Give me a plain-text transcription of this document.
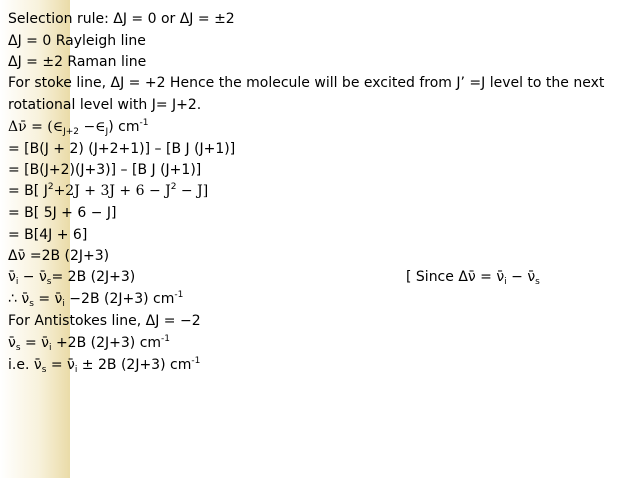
Selection rule: ΔJ = 0 or ΔJ = ±2
ΔJ = 0 Rayleigh line
ΔJ = ±2 Raman line
For stoke line, ΔJ = +2 Hence the molecule will be excited from J’ =J level to the next
rotational level with J= J+2.
Δν̄ = ($\in_{J+2}$ $-\in_J$) $cm^{-1}$
= [B(J + 2) (J+2+1)] – [B J (J+1)]
= [B(J+2)(J+3)] – [B J (J+1)]
= B[ $J^2+2J + 3J + 6 - J^2 - J$]
= B[ 5J + 6 − J]
= B[4J + 6]
Δν̄ =2B (2J+3)
$\nū_i$ − $\nū_s= 2B$ (2J+3)	[ Since Δν̄ = $\nū_i$ − $\nū_s$
∴ $\nū_s$ = $\nū_i -2B$ (2J+3) $cm^{-1}$
For Antistokes line, ΔJ = −2
$\nū_s$ = $\nū_i +2B$ (2J+3) $cm^{-1}$
i.e. $\nū_s$ = $\nū_i \pm 2B$ (2J+3) $cm^{-1}$
